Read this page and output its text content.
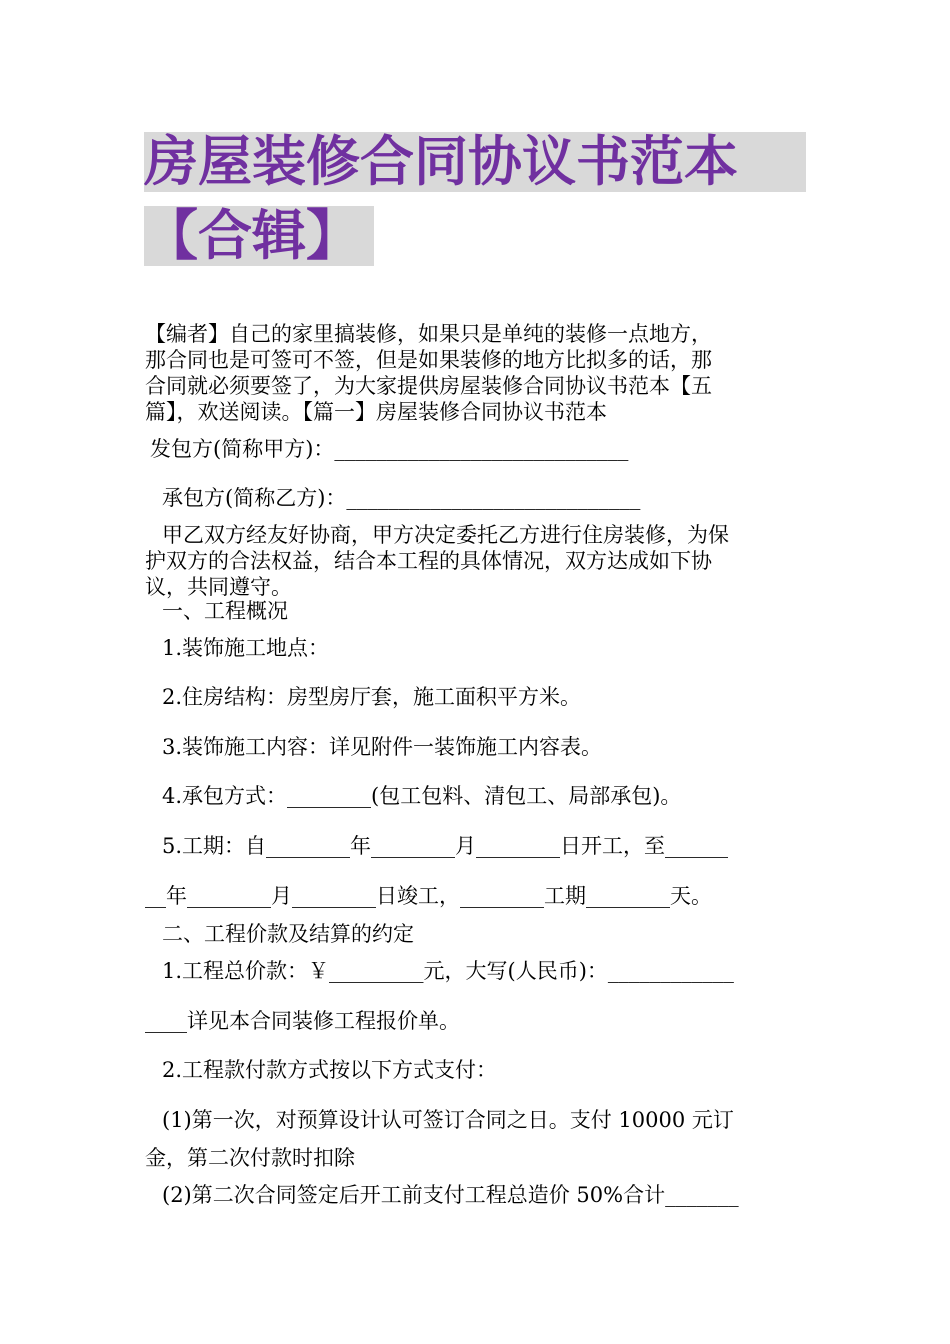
房屋装修合同协议书范本
【合辑】
【编者】自己的家里搞装修，如果只是单纯的装修一点地方，
那合同也是可签可不签，但是如果装修的地方比拟多的话，那
合同就必须要签了，为大家提供房屋装修合同协议书范本【五
篇】，欢送阅读。【篇一】房屋装修合同协议书范本
发包方(简称甲方)：____________________________
承包方(简称乙方)：____________________________
甲乙双方经友好协商，甲方决定委托乙方进行住房装修，为保
护双方的合法权益，结合本工程的具体情况，双方达成如下协
议，共同遵守。
一、工程概况
1.装饰施工地点：
2.住房结构：房型房厅套，施工面积平方米。
3.装饰施工内容：详见附件一装饰施工内容表。
4.承包方式：________(包工包料、清包工、局部承包)。
5.工期：自________年________月________日开工，至______
__年________月________日竣工，________工期________天。
二、工程价款及结算的约定
1.工程总价款：￥_________元，大写(人民币)：____________
____详见本合同装修工程报价单。
2.工程款付款方式按以下方式支付：
(1)第一次，对预算设计认可签订合同之日。支付 10000 元订
金，第二次付款时扣除
(2)第二次合同签定后开工前支付工程总造价 50%合计_______
